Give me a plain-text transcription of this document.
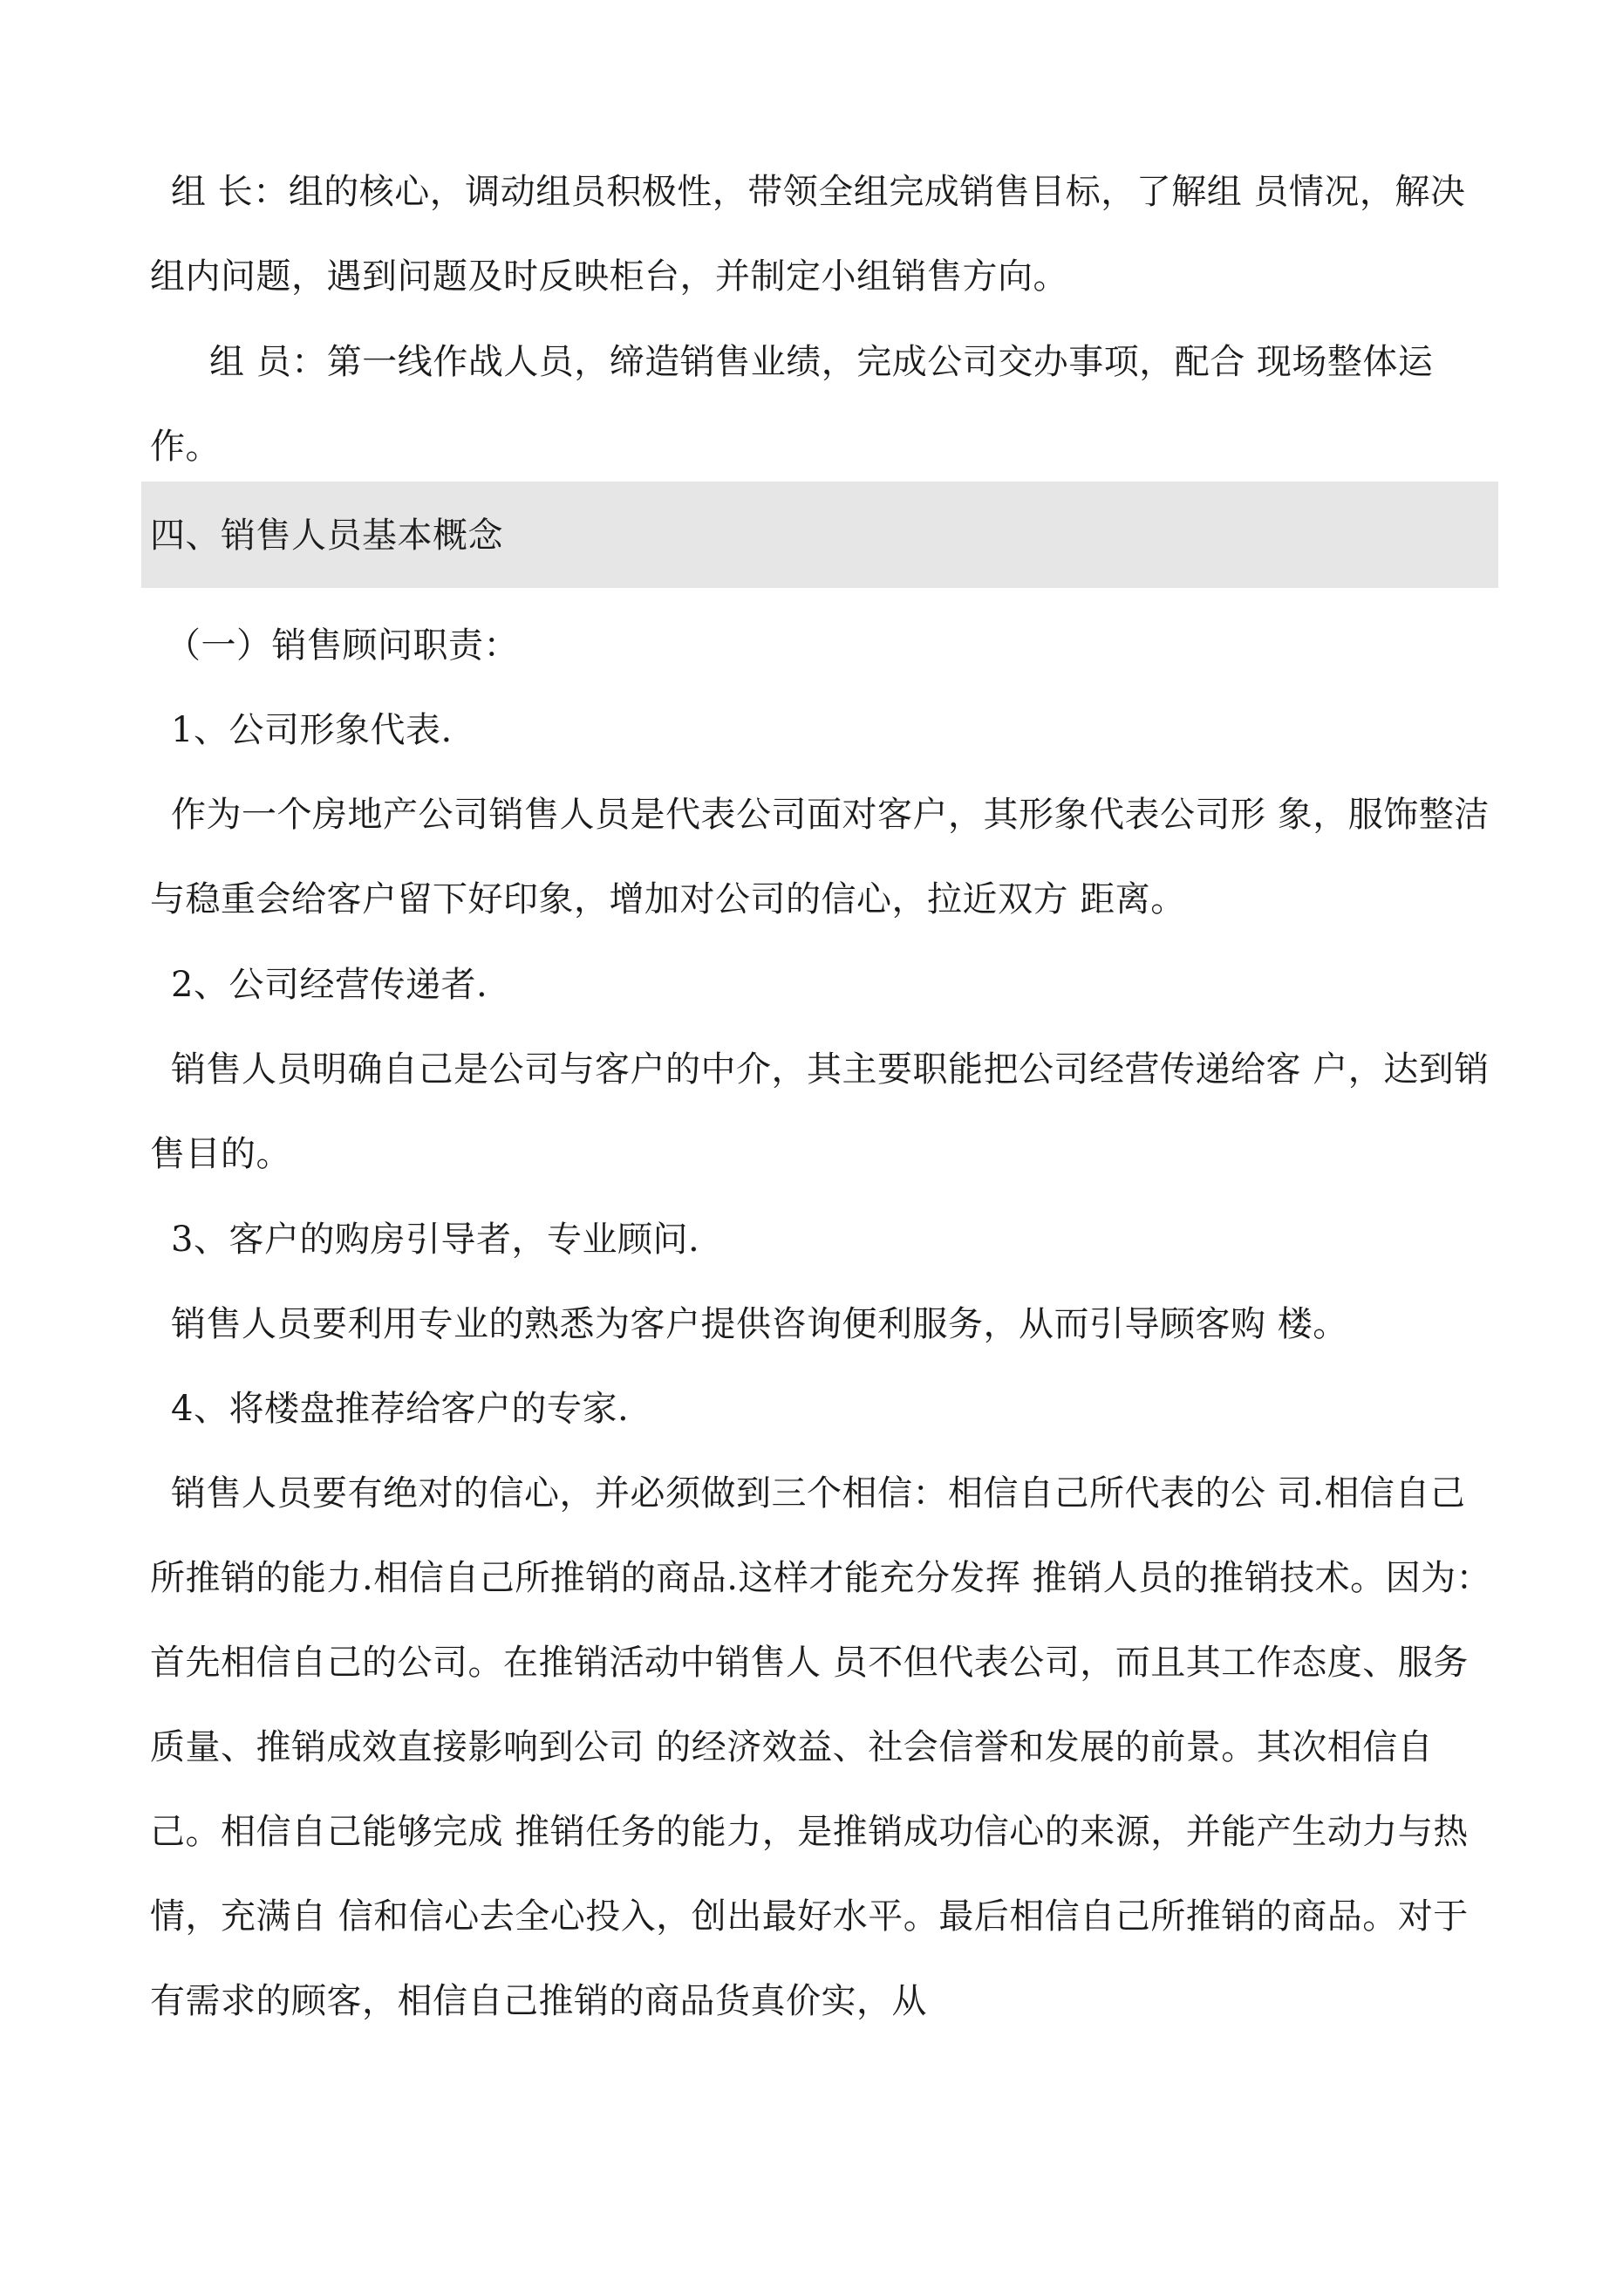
组 长：组的核心，调动组员积极性，带领全组完成销售目标，了解组 员情况，解决组内问题，遇到问题及时反映柜台，并制定小组销售方向。

组 员：第一线作战人员，缔造销售业绩，完成公司交办事项，配合 现场整体运作。

四、销售人员基本概念

（一）销售顾问职责：

1、公司形象代表.

作为一个房地产公司销售人员是代表公司面对客户，其形象代表公司形 象，服饰整洁与稳重会给客户留下好印象，增加对公司的信心，拉近双方 距离。

2、公司经营传递者.

销售人员明确自己是公司与客户的中介，其主要职能把公司经营传递给客 户，达到销售目的。

3、客户的购房引导者，专业顾问.

销售人员要利用专业的熟悉为客户提供咨询便利服务，从而引导顾客购 楼。

4、将楼盘推荐给客户的专家.

销售人员要有绝对的信心，并必须做到三个相信：相信自己所代表的公 司.相信自己所推销的能力.相信自己所推销的商品.这样才能充分发挥 推销人员的推销技术。因为：首先相信自己的公司。在推销活动中销售人 员不但代表公司，而且其工作态度、服务质量、推销成效直接影响到公司 的经济效益、社会信誉和发展的前景。其次相信自己。相信自己能够完成 推销任务的能力，是推销成功信心的来源，并能产生动力与热情，充满自 信和信心去全心投入，创出最好水平。最后相信自己所推销的商品。对于 有需求的顾客，相信自己推销的商品货真价实，从
